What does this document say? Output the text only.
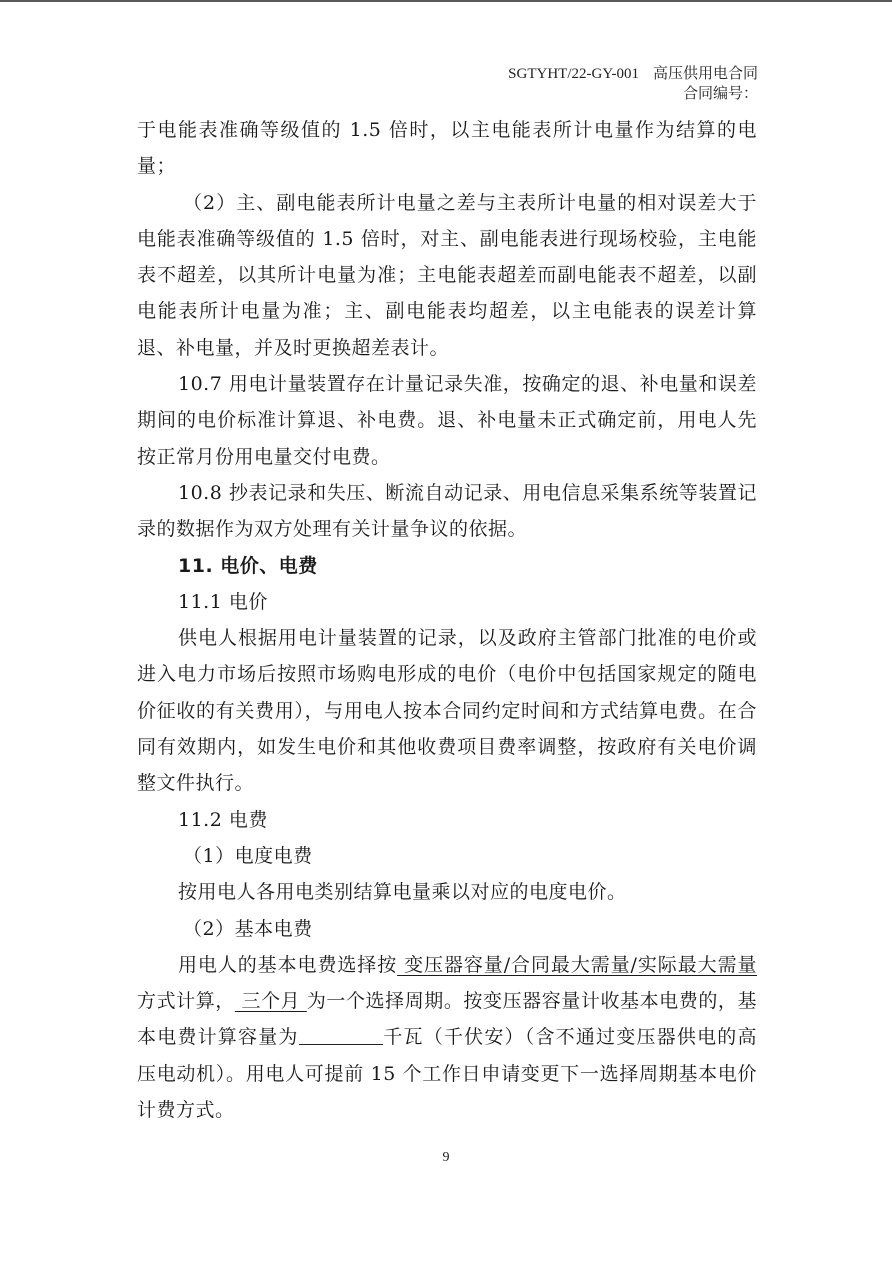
SGTYHT/22-GY-001 高压供用电合同
合同编号：

于电能表准确等级值的 1.5 倍时，以主电能表所计电量作为结算的电量；

（2）主、副电能表所计电量之差与主表所计电量的相对误差大于电能表准确等级值的 1.5 倍时，对主、副电能表进行现场校验，主电能表不超差，以其所计电量为准；主电能表超差而副电能表不超差，以副电能表所计电量为准；主、副电能表均超差，以主电能表的误差计算退、补电量，并及时更换超差表计。

10.7 用电计量装置存在计量记录失准，按确定的退、补电量和误差期间的电价标准计算退、补电费。退、补电量未正式确定前，用电人先按正常月份用电量交付电费。

10.8 抄表记录和失压、断流自动记录、用电信息采集系统等装置记录的数据作为双方处理有关计量争议的依据。

11. 电价、电费

11.1 电价

供电人根据用电计量装置的记录，以及政府主管部门批准的电价或进入电力市场后按照市场购电形成的电价（电价中包括国家规定的随电价征收的有关费用），与用电人按本合同约定时间和方式结算电费。在合同有效期内，如发生电价和其他收费项目费率调整，按政府有关电价调整文件执行。

11.2 电费

（1）电度电费

按用电人各用电类别结算电量乘以对应的电度电价。

（2）基本电费

用电人的基本电费选择按 变压器容量/合同最大需量/实际最大需量 方式计算， 三个月 为一个选择周期。按变压器容量计收基本电费的，基本电费计算容量为	千瓦（千伏安）（含不通过变压器供电的高压电动机）。用电人可提前 15 个工作日申请变更下一选择周期基本电价计费方式。

9
